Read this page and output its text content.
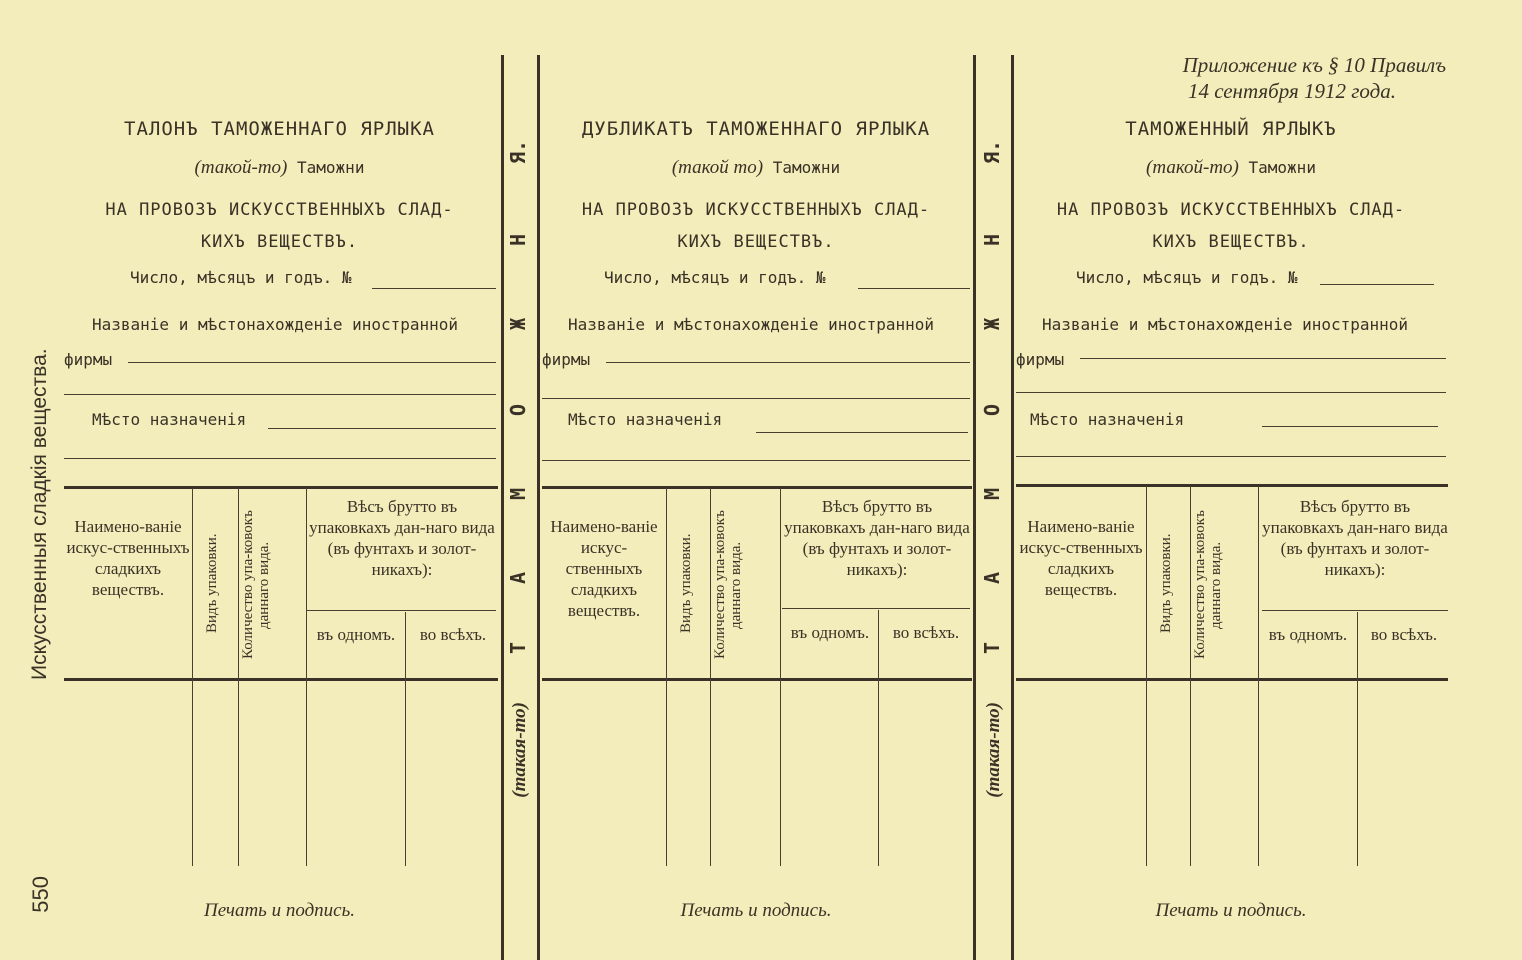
Приложение къ § 10 Правилъ
14 сентября 1912 года.
Искусственныя сладкія вещества.
550
Я.
Н
Ж
О
М
А
Т
(такая-то)
Я.
Н
Ж
О
М
А
Т
(такая-то)
ТАЛОНЪ ТАМОЖЕННАГО ЯРЛЫКА
(такой-то) Таможни
НА ПРОВОЗЪ ИСКУССТВЕННЫХЪ СЛАД-
КИХЪ ВЕЩЕСТВЪ.
Число, мѣсяцъ и годъ. №
Названіе и мѣстонахожденіе иностранной
фирмы
Мѣсто назначенія
Наимено-ваніе искус-ственныхъ сладкихъ веществъ.	Видъ упаковки. Количество упа-ковокъ даннаго вида.
Вѣсъ брутто въ упаковкахъ дан-наго вида (въ фунтахъ и золот-никахъ):
въ одномъ.	во всѣхъ.
Печать и подпись.
ДУБЛИКАТЪ ТАМОЖЕННАГО ЯРЛЫКА
(такой то) Таможни
НА ПРОВОЗЪ ИСКУССТВЕННЫХЪ СЛАД-
КИХЪ ВЕЩЕСТВЪ.
Число, мѣсяцъ и годъ. №
Названіе и мѣстонахожденіе иностранной
фирмы
Мѣсто назначенія
Наимено-ваніе искус-ственныхъ сладкихъ веществъ.	Видъ упаковки. Количество упа-ковокъ даннаго вида.
Вѣсъ брутто въ упаковкахъ дан-наго вида (въ фунтахъ и золот-никахъ):
въ одномъ.	во всѣхъ.
Печать и подпись.
ТАМОЖЕННЫЙ ЯРЛЫКЪ
(такой-то) Таможни
НА ПРОВОЗЪ ИСКУССТВЕННЫХЪ СЛАД-
КИХЪ ВЕЩЕСТВЪ.
Число, мѣсяцъ и годъ. №
Названіе и мѣстонахожденіе иностранной
фирмы
Мѣсто назначенія
Наимено-ваніе искус-ственныхъ сладкихъ веществъ.	Видъ упаковки. Количество упа-ковокъ даннаго вида.
Вѣсъ брутто въ упаковкахъ дан-наго вида (въ фунтахъ и золот-никахъ):
въ одномъ.	во всѣхъ.
Печать и подпись.
